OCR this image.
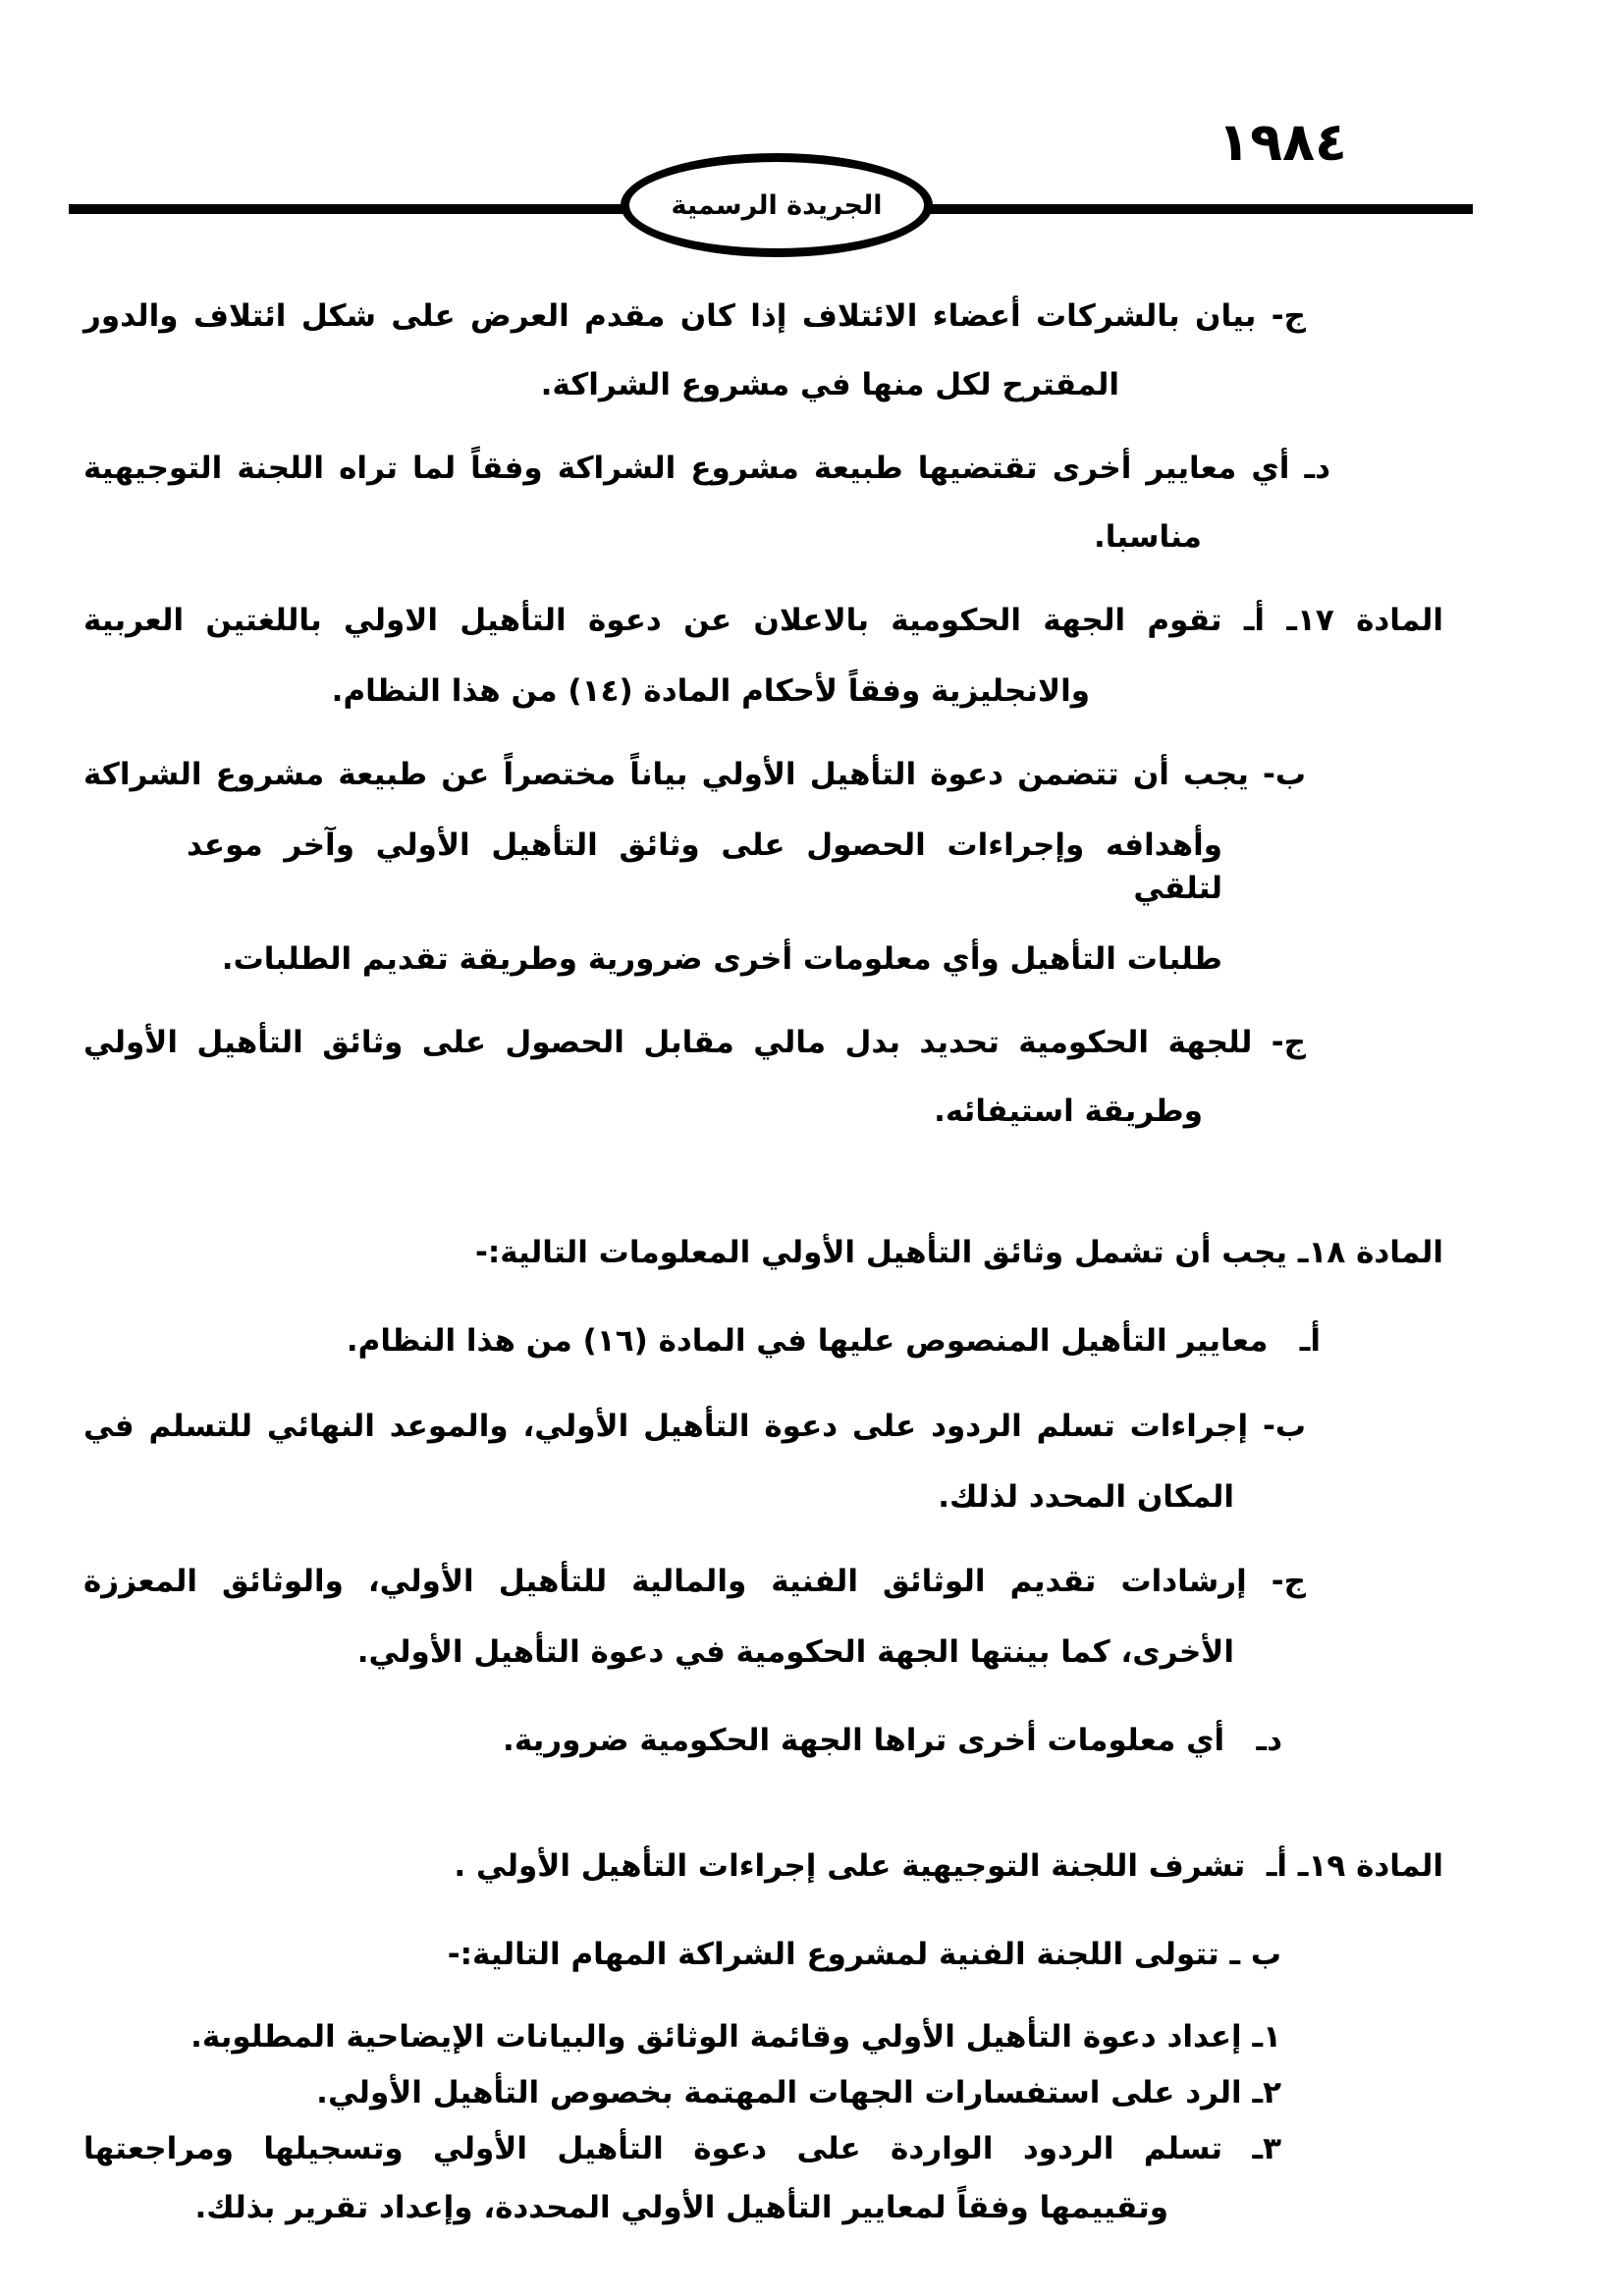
١٩٨٤
الجريدة الرسمية
ج- بيان بالشركات أعضاء الائتلاف إذا كان مقدم العرض على شكل ائتلاف والدور
المقترح لكل منها في مشروع الشراكة.
دـ أي معايير أخرى تقتضيها طبيعة مشروع الشراكة وفقاً لما تراه اللجنة التوجيهية
مناسبا.
المادة ١٧ـ أـ تقوم الجهة الحكومية بالاعلان عن دعوة التأهيل الاولي باللغتين العربية
والانجليزية وفقاً لأحكام المادة (١٤) من هذا النظام.
ب- يجب أن تتضمن دعوة التأهيل الأولي بياناً مختصراً عن طبيعة مشروع الشراكة
وأهدافه وإجراءات الحصول على وثائق التأهيل الأولي وآخر موعد لتلقي
طلبات التأهيل وأي معلومات أخرى ضرورية وطريقة تقديم الطلبات.
ج- للجهة الحكومية تحديد بدل مالي مقابل الحصول على وثائق التأهيل الأولي
وطريقة استيفائه.
المادة ١٨ـ يجب أن تشمل وثائق التأهيل الأولي المعلومات التالية:-
أـ   معايير التأهيل المنصوص عليها في المادة (١٦) من هذا النظام.
ب- إجراءات تسلم الردود على دعوة التأهيل الأولي، والموعد النهائي للتسلم في
المكان المحدد لذلك.
ج- إرشادات تقديم الوثائق الفنية والمالية للتأهيل الأولي، والوثائق المعززة
الأخرى، كما بينتها الجهة الحكومية في دعوة التأهيل الأولي.
دـ   أي معلومات أخرى تراها الجهة الحكومية ضرورية.
المادة ١٩ـ أـ  تشرف اللجنة التوجيهية على إجراءات التأهيل الأولي .
ب ـ تتولى اللجنة الفنية لمشروع الشراكة المهام التالية:-
١ـ إعداد دعوة التأهيل الأولي وقائمة الوثائق والبيانات الإيضاحية المطلوبة.
٢ـ الرد على استفسارات الجهات المهتمة بخصوص التأهيل الأولي.
٣ـ تسلم الردود الواردة على دعوة التأهيل الأولي وتسجيلها ومراجعتها
وتقييمها وفقاً لمعايير التأهيل الأولي المحددة، وإعداد تقرير بذلك.
